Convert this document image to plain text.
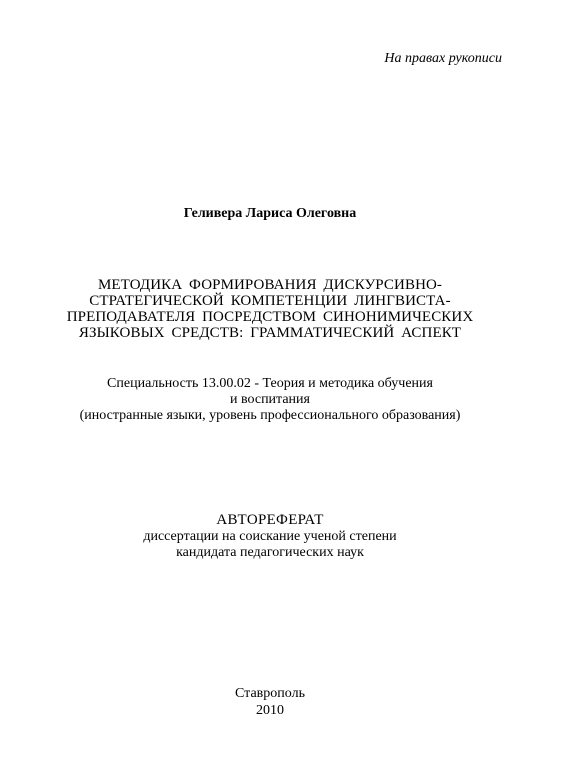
На правах рукописи
Геливера Лариса Олеговна
МЕТОДИКА ФОРМИРОВАНИЯ ДИСКУРСИВНО-
СТРАТЕГИЧЕСКОЙ КОМПЕТЕНЦИИ ЛИНГВИСТА-
ПРЕПОДАВАТЕЛЯ ПОСРЕДСТВОМ СИНОНИМИЧЕСКИХ
ЯЗЫКОВЫХ СРЕДСТВ: ГРАММАТИЧЕСКИЙ АСПЕКТ
Специальность 13.00.02 - Теория и методика обучения
и воспитания
(иностранные языки, уровень профессионального образования)
АВТОРЕФЕРАТ
диссертации на соискание ученой степени
кандидата педагогических наук
Ставрополь
2010
